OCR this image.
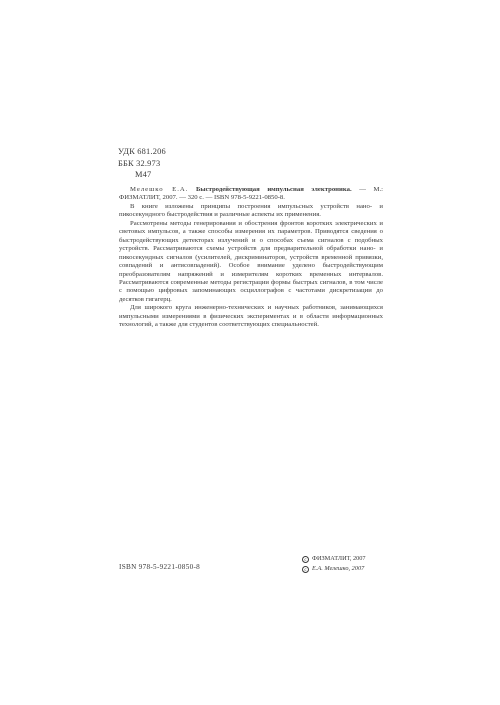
УДК 681.206
ББК 32.973
М47

Мелешко Е.А. Быстродействующая импульсная электроника. — М.: ФИЗМАТЛИТ, 2007. — 320 с. — ISBN 978-5-9221-0850-8.

В книге изложены принципы построения импульсных устройств нано- и пикосекундного быстродействия и различные аспекты их применения.

Рассмотрены методы генерирования и обострения фронтов коротких электрических и световых импульсов, а также способы измерения их параметров. Приводятся сведения о быстродействующих детекторах излучений и о способах съема сигналов с подобных устройств. Рассматриваются схемы устройств для предварительной обработки нано- и пикосекундных сигналов (усилителей, дискриминаторов, устройств временной привязки, совпадений и антисовпадений). Особое внимание уделено быстродействующим преобразователям напряжений и измерителям коротких временных интервалов. Рассматриваются современные методы регистрации формы быстрых сигналов, в том числе с помощью цифровых запоминающих осциллографов с частотами дискретизации до десятков гигагерц.

Для широкого круга инженерно-технических и научных работников, занимающихся импульсными измерениями в физических экспериментах и в области информационных технологий, а также для студентов соответствующих специальностей.

ISBN 978-5-9221-0850-8
c ФИЗМАТЛИТ, 2007
c Е.А. Мелешко, 2007
